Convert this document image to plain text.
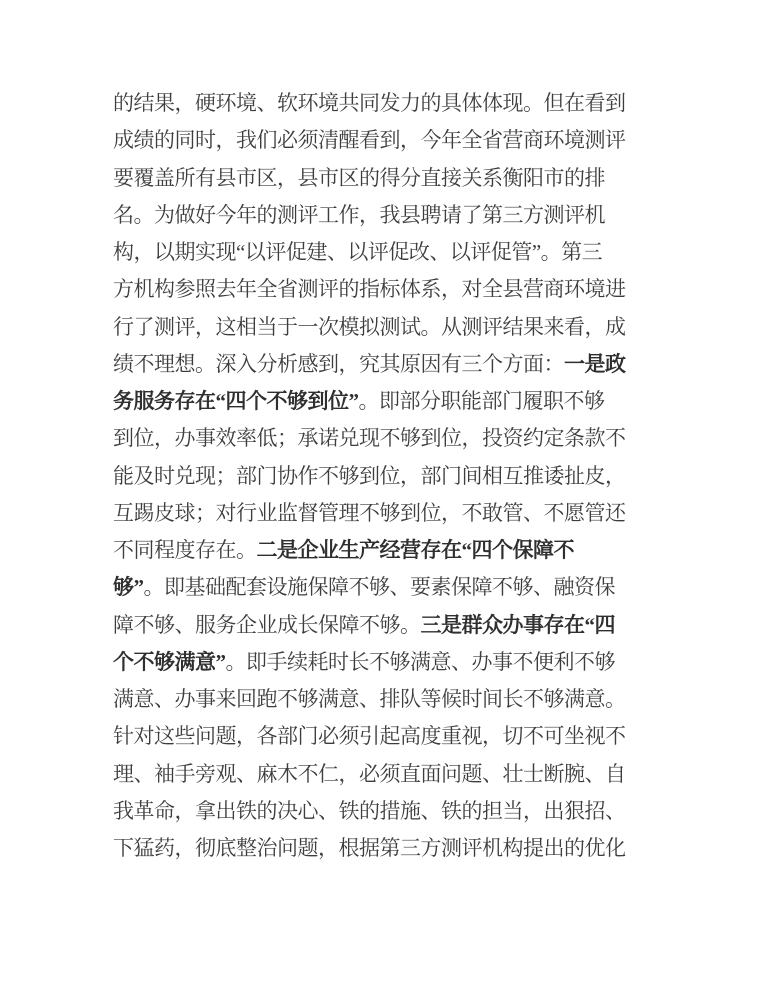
的结果，硬环境、软环境共同发力的具体体现。但在看到
成绩的同时，我们必须清醒看到，今年全省营商环境测评
要覆盖所有县市区，县市区的得分直接关系衡阳市的排
名。为做好今年的测评工作，我县聘请了第三方测评机
构，以期实现“以评促建、以评促改、以评促管”。第三
方机构参照去年全省测评的指标体系，对全县营商环境进
行了测评，这相当于一次模拟测试。从测评结果来看，成
绩不理想。深入分析感到，究其原因有三个方面：一是政
务服务存在“四个不够到位”。即部分职能部门履职不够
到位，办事效率低；承诺兑现不够到位，投资约定条款不
能及时兑现；部门协作不够到位，部门间相互推诿扯皮，
互踢皮球；对行业监督管理不够到位，不敢管、不愿管还
不同程度存在。二是企业生产经营存在“四个保障不
够”。即基础配套设施保障不够、要素保障不够、融资保
障不够、服务企业成长保障不够。三是群众办事存在“四
个不够满意”。即手续耗时长不够满意、办事不便利不够
满意、办事来回跑不够满意、排队等候时间长不够满意。
针对这些问题，各部门必须引起高度重视，切不可坐视不
理、袖手旁观、麻木不仁，必须直面问题、壮士断腕、自
我革命，拿出铁的决心、铁的措施、铁的担当，出狠招、
下猛药，彻底整治问题，根据第三方测评机构提出的优化
